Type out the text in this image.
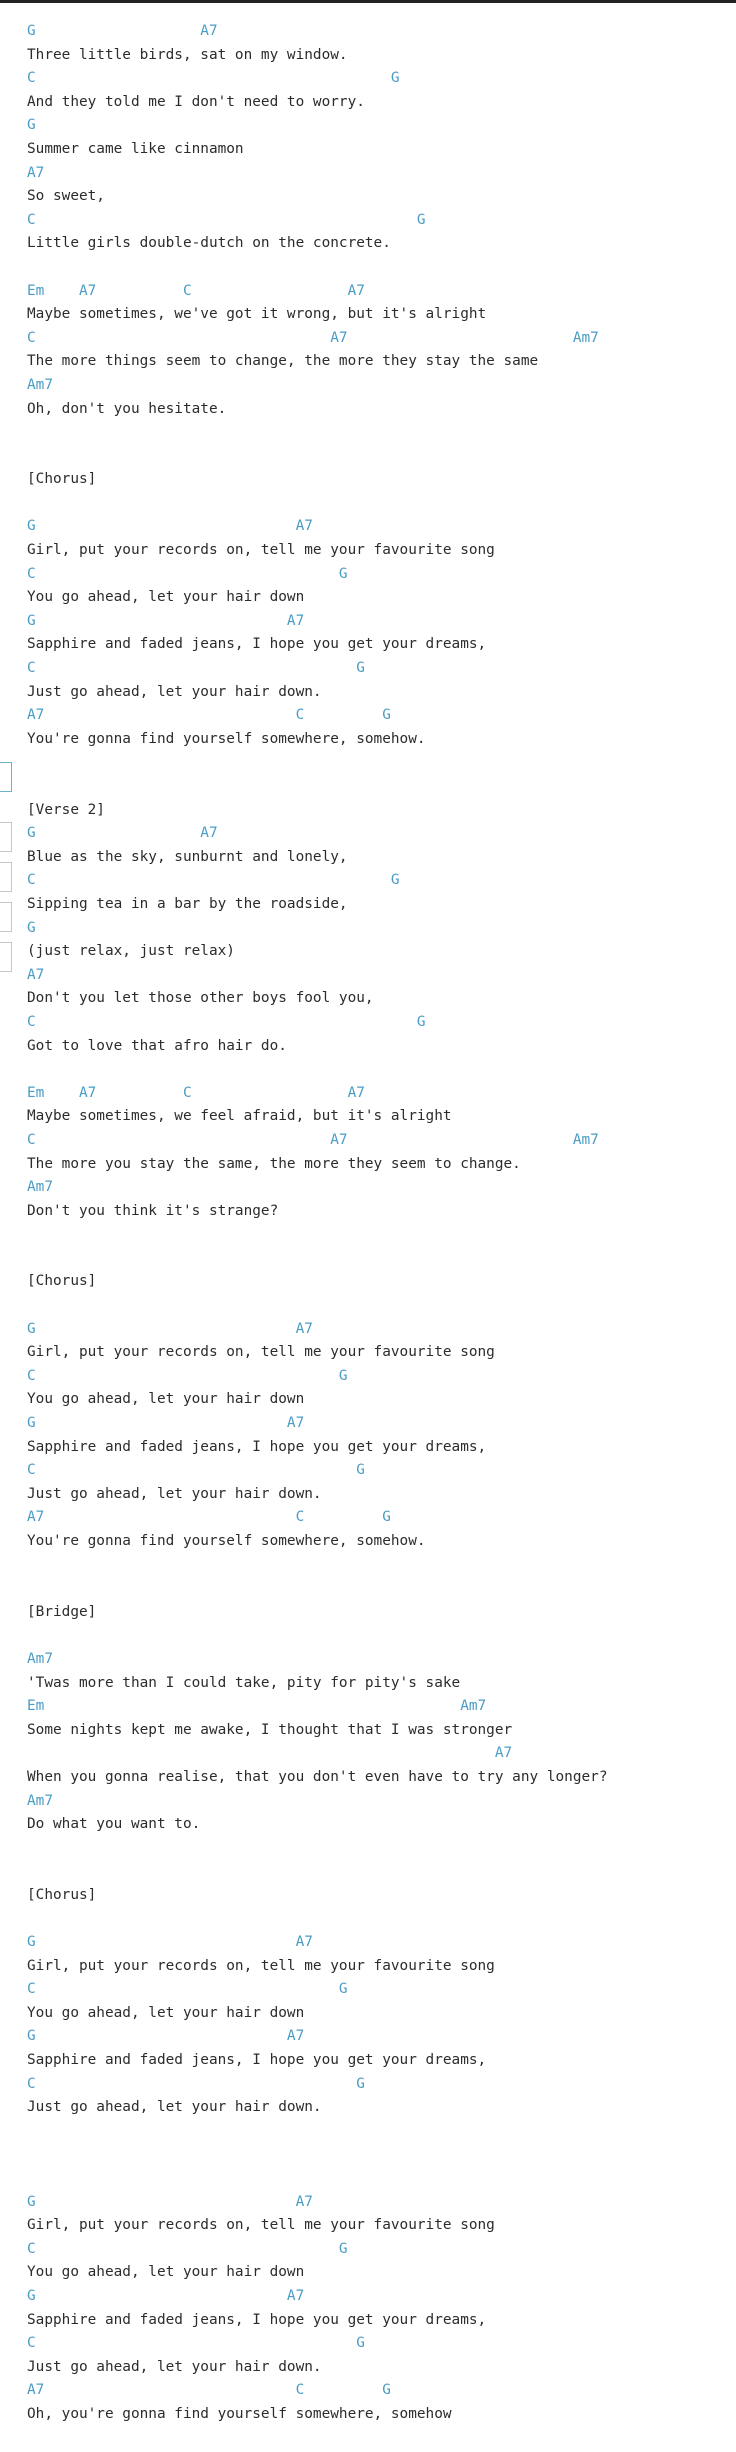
G                   A7
Three little birds, sat on my window.
C                                         G
And they told me I don't need to worry.
G
Summer came like cinnamon
A7
So sweet,
C                                            G
Little girls double-dutch on the concrete.
Em    A7          C                  A7
Maybe sometimes, we've got it wrong, but it's alright
C                                  A7                          Am7
The more things seem to change, the more they stay the same
Am7
Oh, don't you hesitate.
[Chorus]
G                              A7
Girl, put your records on, tell me your favourite song
C                                   G
You go ahead, let your hair down
G                             A7
Sapphire and faded jeans, I hope you get your dreams,
C                                     G
Just go ahead, let your hair down.
A7                             C         G
You're gonna find yourself somewhere, somehow.
[Verse 2]
G                   A7
Blue as the sky, sunburnt and lonely,
C                                         G
Sipping tea in a bar by the roadside,
G
(just relax, just relax)
A7
Don't you let those other boys fool you,
C                                            G
Got to love that afro hair do.
Em    A7          C                  A7
Maybe sometimes, we feel afraid, but it's alright
C                                  A7                          Am7
The more you stay the same, the more they seem to change.
Am7
Don't you think it's strange?
[Chorus]
G                              A7
Girl, put your records on, tell me your favourite song
C                                   G
You go ahead, let your hair down
G                             A7
Sapphire and faded jeans, I hope you get your dreams,
C                                     G
Just go ahead, let your hair down.
A7                             C         G
You're gonna find yourself somewhere, somehow.
[Bridge]
Am7
'Twas more than I could take, pity for pity's sake
Em                                                Am7
Some nights kept me awake, I thought that I was stronger
A7
When you gonna realise, that you don't even have to try any longer?
Am7
Do what you want to.
[Chorus]
G                              A7
Girl, put your records on, tell me your favourite song
C                                   G
You go ahead, let your hair down
G                             A7
Sapphire and faded jeans, I hope you get your dreams,
C                                     G
Just go ahead, let your hair down.
G                              A7
Girl, put your records on, tell me your favourite song
C                                   G
You go ahead, let your hair down
G                             A7
Sapphire and faded jeans, I hope you get your dreams,
C                                     G
Just go ahead, let your hair down.
A7                             C         G
Oh, you're gonna find yourself somewhere, somehow
